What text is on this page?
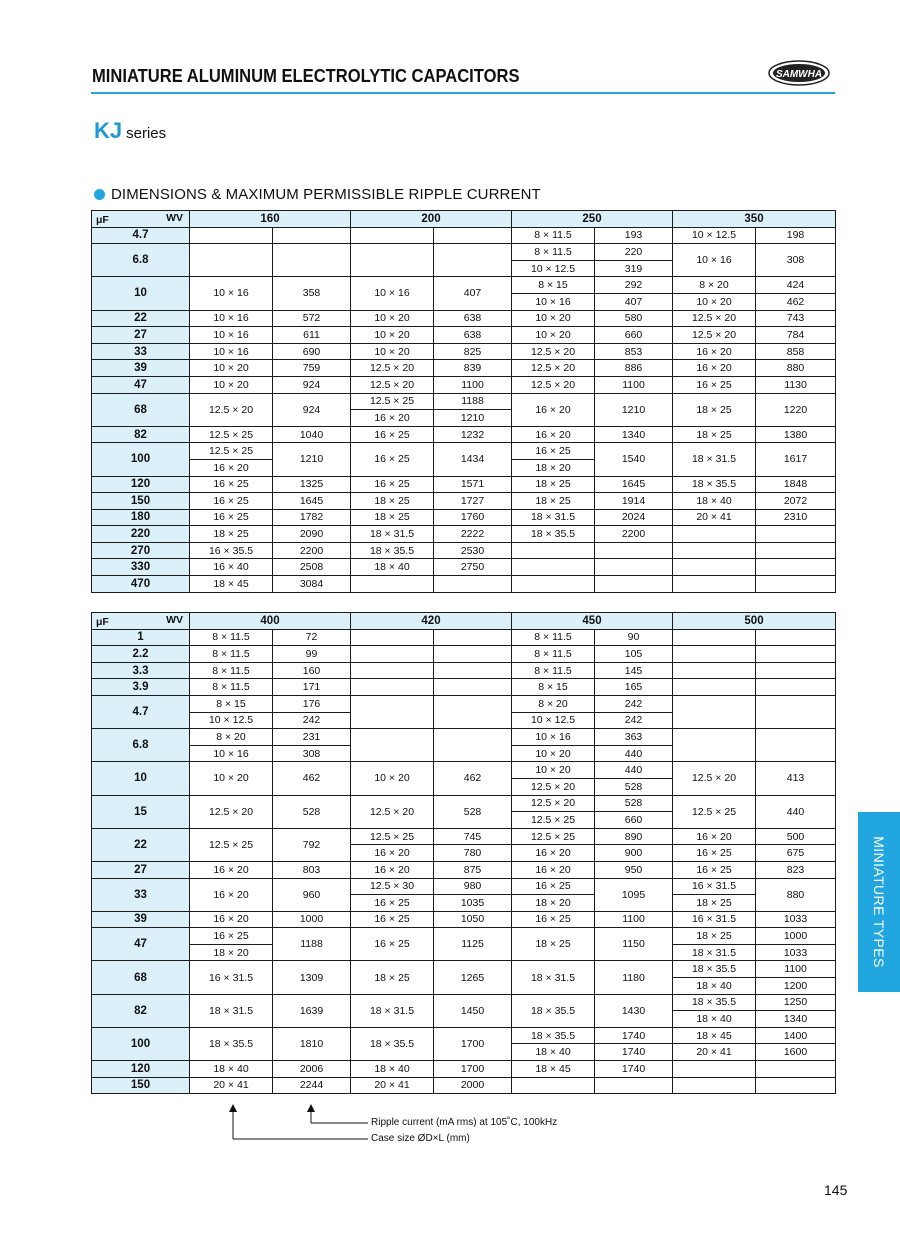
MINIATURE ALUMINUM ELECTROLYTIC CAPACITORS	SAMWHA
KJ series
DIMENSIONS & MAXIMUM PERMISSIBLE RIPPLE CURRENT
WV
μF	160		200		250		350	
4.7					8 × 11.5	193	10 × 12.5	198
6.8					8 × 11.5	220	10 × 16	308
					10 × 12.5	319		
10	10 × 16	358	10 × 16	407	8 × 15	292	8 × 20	424
					10 × 16	407	10 × 20	462
22	10 × 16	572	10 × 20	638	10 × 20	580	12.5 × 20	743
27	10 × 16	611	10 × 20	638	10 × 20	660	12.5 × 20	784
33	10 × 16	690	10 × 20	825	12.5 × 20	853	16 × 20	858
39	10 × 20	759	12.5 × 20	839	12.5 × 20	886	16 × 20	880
47	10 × 20	924	12.5 × 20	1100	12.5 × 20	1100	16 × 25	1130
68	12.5 × 20	924	12.5 × 25	1188	16 × 20	1210	18 × 25	1220
			16 × 20	1210				
82	12.5 × 25	1040	16 × 25	1232	16 × 20	1340	18 × 25	1380
100	12.5 × 25	1210	16 × 25	1434	16 × 25	1540	18 × 31.5	1617
	16 × 20				18 × 20			
120	16 × 25	1325	16 × 25	1571	18 × 25	1645	18 × 35.5	1848
150	16 × 25	1645	18 × 25	1727	18 × 25	1914	18 × 40	2072
180	16 × 25	1782	18 × 25	1760	18 × 31.5	2024	20 × 41	2310
220	18 × 25	2090	18 × 31.5	2222	18 × 35.5	2200		
270	16 × 35.5	2200	18 × 35.5	2530				
330	16 × 40	2508	18 × 40	2750				
470	18 × 45	3084						
WV
μF	400		420		450		500	
1	8 × 11.5	72			8 × 11.5	90		
2.2	8 × 11.5	99			8 × 11.5	105		
3.3	8 × 11.5	160			8 × 11.5	145		
3.9	8 × 11.5	171			8 × 15	165		
4.7	8 × 15	176			8 × 20	242		
	10 × 12.5	242			10 × 12.5	242		
6.8	8 × 20	231			10 × 16	363		
	10 × 16	308			10 × 20	440		
10	10 × 20	462	10 × 20	462	10 × 20	440	12.5 × 20	413
					12.5 × 20	528		
15	12.5 × 20	528	12.5 × 20	528	12.5 × 20	528	12.5 × 25	440
					12.5 × 25	660		
22	12.5 × 25	792	12.5 × 25	745	12.5 × 25	890	16 × 20	500
			16 × 20	780	16 × 20	900	16 × 25	675
27	16 × 20	803	16 × 20	875	16 × 20	950	16 × 25	823
33	16 × 20	960	12.5 × 30	980	16 × 25	1095	16 × 31.5	880
			16 × 25	1035	18 × 20		18 × 25	
39	16 × 20	1000	16 × 25	1050	16 × 25	1100	16 × 31.5	1033
47	16 × 25	1188	16 × 25	1125	18 × 25	1150	18 × 25	1000
	18 × 20						18 × 31.5	1033
68	16 × 31.5	1309	18 × 25	1265	18 × 31.5	1180	18 × 35.5	1100
							18 × 40	1200
82	18 × 31.5	1639	18 × 31.5	1450	18 × 35.5	1430	18 × 35.5	1250
							18 × 40	1340
100	18 × 35.5	1810	18 × 35.5	1700	18 × 35.5	1740	18 × 45	1400
					18 × 40	1740	20 × 41	1600
120	18 × 40	2006	18 × 40	1700	18 × 45	1740		
150	20 × 41	2244	20 × 41	2000				
Ripple current (mA rms) at 105˚C, 100kHz
Case size ØD×L (mm)
MINIATURE TYPES
145
